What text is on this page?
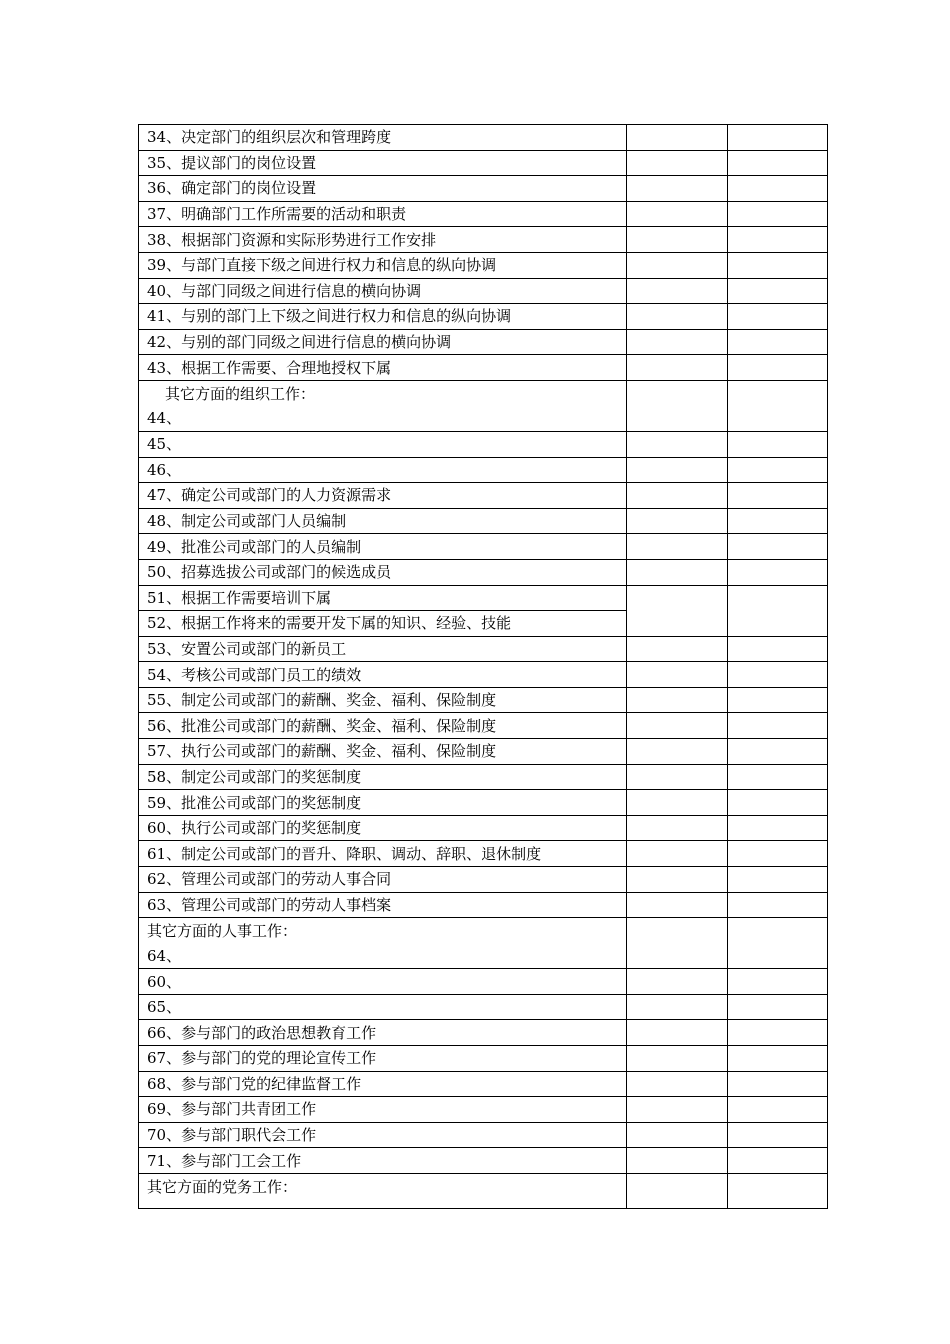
34、决定部门的组织层次和管理跨度		
35、提议部门的岗位设置		
36、确定部门的岗位设置		
37、明确部门工作所需要的活动和职责		
38、根据部门资源和实际形势进行工作安排		
39、与部门直接下级之间进行权力和信息的纵向协调		
40、与部门同级之间进行信息的横向协调		
41、与别的部门上下级之间进行权力和信息的纵向协调		
42、与别的部门同级之间进行信息的横向协调		
43、根据工作需要、合理地授权下属		

其它方面的组织工作：
44、		

45、		
46、		
47、确定公司或部门的人力资源需求		
48、制定公司或部门人员编制		
49、批准公司或部门的人员编制		
50、招募选拔公司或部门的候选成员		
51、根据工作需要培训下属		
52、根据工作将来的需要开发下属的知识、经验、技能		
53、安置公司或部门的新员工		
54、考核公司或部门员工的绩效		
55、制定公司或部门的薪酬、奖金、福利、保险制度		
56、批准公司或部门的薪酬、奖金、福利、保险制度		
57、执行公司或部门的薪酬、奖金、福利、保险制度		
58、制定公司或部门的奖惩制度		
59、批准公司或部门的奖惩制度		
60、执行公司或部门的奖惩制度		
61、制定公司或部门的晋升、降职、调动、辞职、退休制度		
62、管理公司或部门的劳动人事合同		
63、管理公司或部门的劳动人事档案		

其它方面的人事工作：
64、		

60、		
65、		
66、参与部门的政治思想教育工作		
67、参与部门的党的理论宣传工作		
68、参与部门党的纪律监督工作		
69、参与部门共青团工作		
70、参与部门职代会工作		
71、参与部门工会工作		

其它方面的党务工作：		
